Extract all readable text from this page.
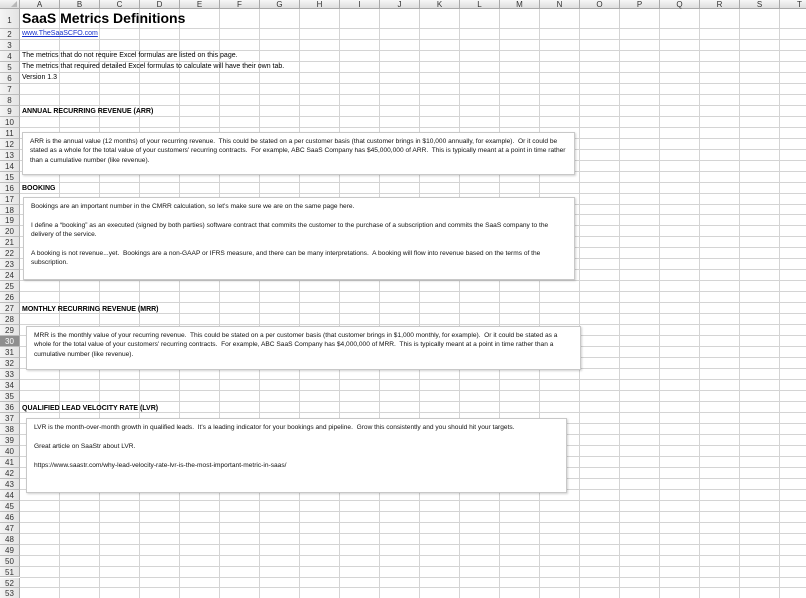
A	B	C	D	E	F	G	H	I	J	K	L	M	N	O	P	Q	R	S	T
1
2
3
4
5
6
7
8
9
10
11
12
13
14
15
16
17
18
19
20
21
22
23
24
25
26
27
28
29
30
31
32
33
34
35
36
37
38
39
40
41
42
43
44
45
46
47
48
49
50
51
52
53
SaaS Metrics Definitions
www.TheSaaSCFO.com
The metrics that do not require Excel formulas are listed on this page.
The metrics that required detailed Excel formulas to calculate will have their own tab.
Version 1.3
ANNUAL RECURRING REVENUE (ARR)

ARR is the annual value (12 months) of your recurring revenue.  This could be stated on a per customer basis (that customer brings in $10,000 annually, for example).  Or it could be stated as a whole for the total value of your customers' recurring contracts.  For example, ABC SaaS Company has $45,000,000 of ARR.  This is typically meant at a point in time rather than a cumulative number (like revenue).

BOOKING

Bookings are an important number in the CMRR calculation, so let's make sure we are on the same page here.

I define a “booking” as an executed (signed by both parties) software contract that commits the customer to the purchase of a subscription and commits the SaaS company to the delivery of the service.

A booking is not revenue...yet.  Bookings are a non-GAAP or IFRS measure, and there can be many interpretations.  A booking will flow into revenue based on the terms of the subscription.

MONTHLY RECURRING REVENUE (MRR)

MRR is the monthly value of your recurring revenue.  This could be stated on a per customer basis (that customer brings in $1,000 monthly, for example).  Or it could be stated as a whole for the total value of your customers' recurring contracts.  For example, ABC SaaS Company has $4,000,000 of MRR.  This is typically meant at a point in time rather than a cumulative number (like revenue).

QUALIFIED LEAD VELOCITY RATE (LVR)

LVR is the month-over-month growth in qualified leads.  It's a leading indicator for your bookings and pipeline.  Grow this consistently and you should hit your targets.

Great article on SaaStr about LVR.

https://www.saastr.com/why-lead-velocity-rate-lvr-is-the-most-important-metric-in-saas/
